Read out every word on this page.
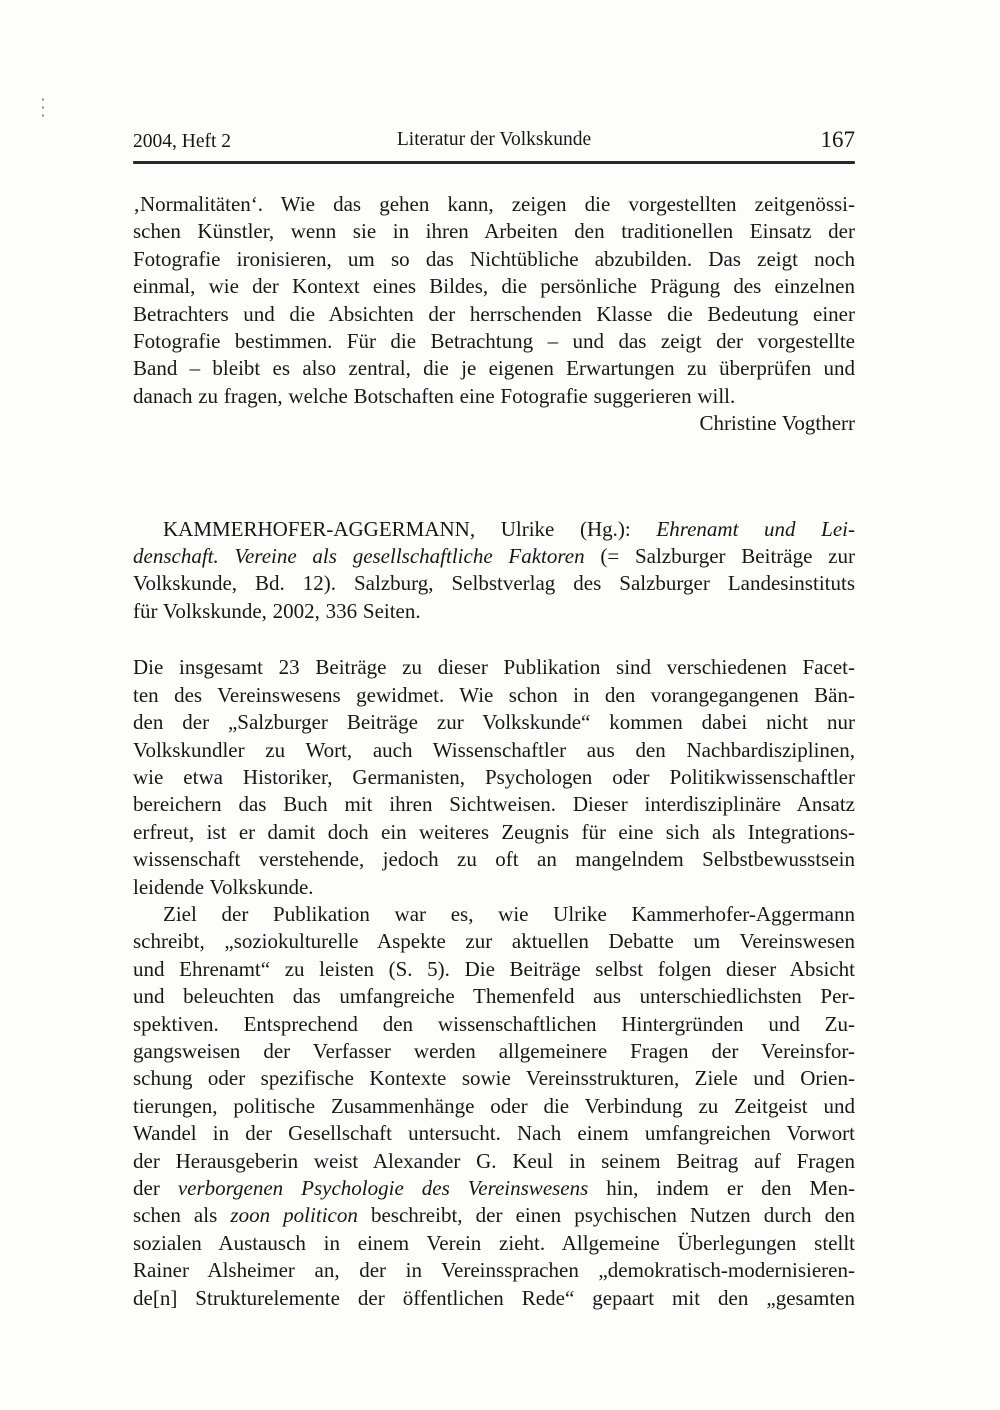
2004, Heft 2	Literatur der Volkskunde	167
‚Normalitäten‘. Wie das gehen kann, zeigen die vorgestellten zeitgenössi-
schen Künstler, wenn sie in ihren Arbeiten den traditionellen Einsatz der
Fotografie ironisieren, um so das Nichtübliche abzubilden. Das zeigt noch
einmal, wie der Kontext eines Bildes, die persönliche Prägung des einzelnen
Betrachters und die Absichten der herrschenden Klasse die Bedeutung einer
Fotografie bestimmen. Für die Betrachtung – und das zeigt der vorgestellte
Band – bleibt es also zentral, die je eigenen Erwartungen zu überprüfen und
danach zu fragen, welche Botschaften eine Fotografie suggerieren will.
Christine Vogtherr
KAMMERHOFER-AGGERMANN, Ulrike (Hg.): Ehrenamt und Lei-
denschaft. Vereine als gesellschaftliche Faktoren (= Salzburger Beiträge zur
Volkskunde, Bd. 12). Salzburg, Selbstverlag des Salzburger Landesinstituts
für Volkskunde, 2002, 336 Seiten.
Die insgesamt 23 Beiträge zu dieser Publikation sind verschiedenen Facet-
ten des Vereinswesens gewidmet. Wie schon in den vorangegangenen Bän-
den der „Salzburger Beiträge zur Volkskunde“ kommen dabei nicht nur
Volkskundler zu Wort, auch Wissenschaftler aus den Nachbardisziplinen,
wie etwa Historiker, Germanisten, Psychologen oder Politikwissenschaftler
bereichern das Buch mit ihren Sichtweisen. Dieser interdisziplinäre Ansatz
erfreut, ist er damit doch ein weiteres Zeugnis für eine sich als Integrations-
wissenschaft verstehende, jedoch zu oft an mangelndem Selbstbewusstsein
leidende Volkskunde.
Ziel der Publikation war es, wie Ulrike Kammerhofer-Aggermann
schreibt, „soziokulturelle Aspekte zur aktuellen Debatte um Vereinswesen
und Ehrenamt“ zu leisten (S. 5). Die Beiträge selbst folgen dieser Absicht
und beleuchten das umfangreiche Themenfeld aus unterschiedlichsten Per-
spektiven. Entsprechend den wissenschaftlichen Hintergründen und Zu-
gangsweisen der Verfasser werden allgemeinere Fragen der Vereinsfor-
schung oder spezifische Kontexte sowie Vereinsstrukturen, Ziele und Orien-
tierungen, politische Zusammenhänge oder die Verbindung zu Zeitgeist und
Wandel in der Gesellschaft untersucht. Nach einem umfangreichen Vorwort
der Herausgeberin weist Alexander G. Keul in seinem Beitrag auf Fragen
der verborgenen Psychologie des Vereinswesens hin, indem er den Men-
schen als zoon politicon beschreibt, der einen psychischen Nutzen durch den
sozialen Austausch in einem Verein zieht. Allgemeine Überlegungen stellt
Rainer Alsheimer an, der in Vereinssprachen „demokratisch-modernisieren-
de[n] Strukturelemente der öffentlichen Rede“ gepaart mit den „gesamten
